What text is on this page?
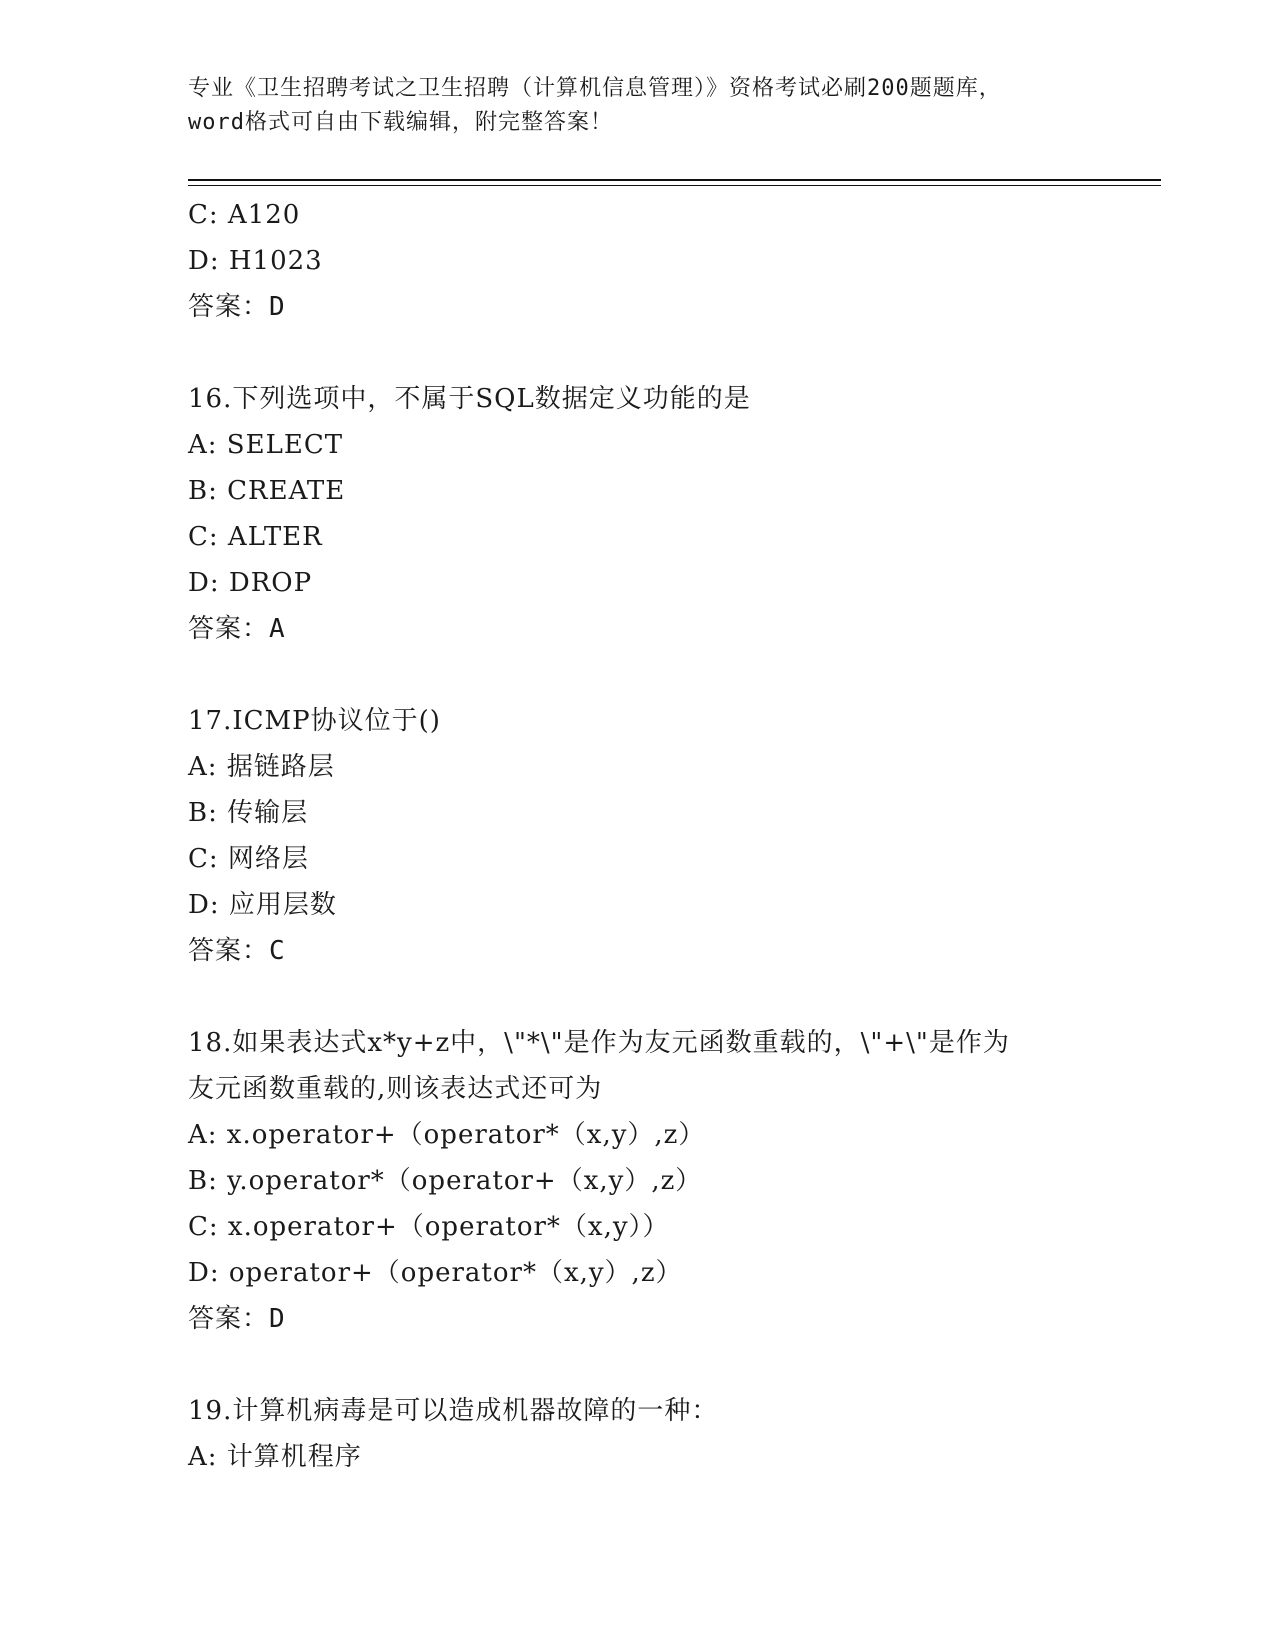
专业《卫生招聘考试之卫生招聘（计算机信息管理）》资格考试必刷200题题库，
word格式可自由下载编辑，附完整答案！
C: A120
D: H1023
答案：D
16.下列选项中，不属于SQL数据定义功能的是
A: SELECT
B: CREATE
C: ALTER
D: DROP
答案：A
17.ICMP协议位于()
A: 据链路层
B: 传输层
C: 网络层
D: 应用层数
答案：C
18.如果表达式x*y+z中，\"*\"是作为友元函数重载的，\"+\"是作为
友元函数重载的,则该表达式还可为
A: x.operator+（operator*（x,y）,z）
B: y.operator*（operator+（x,y）,z）
C: x.operator+（operator*（x,y））
D: operator+（operator*（x,y）,z）
答案：D
19.计算机病毒是可以造成机器故障的一种：
A: 计算机程序
